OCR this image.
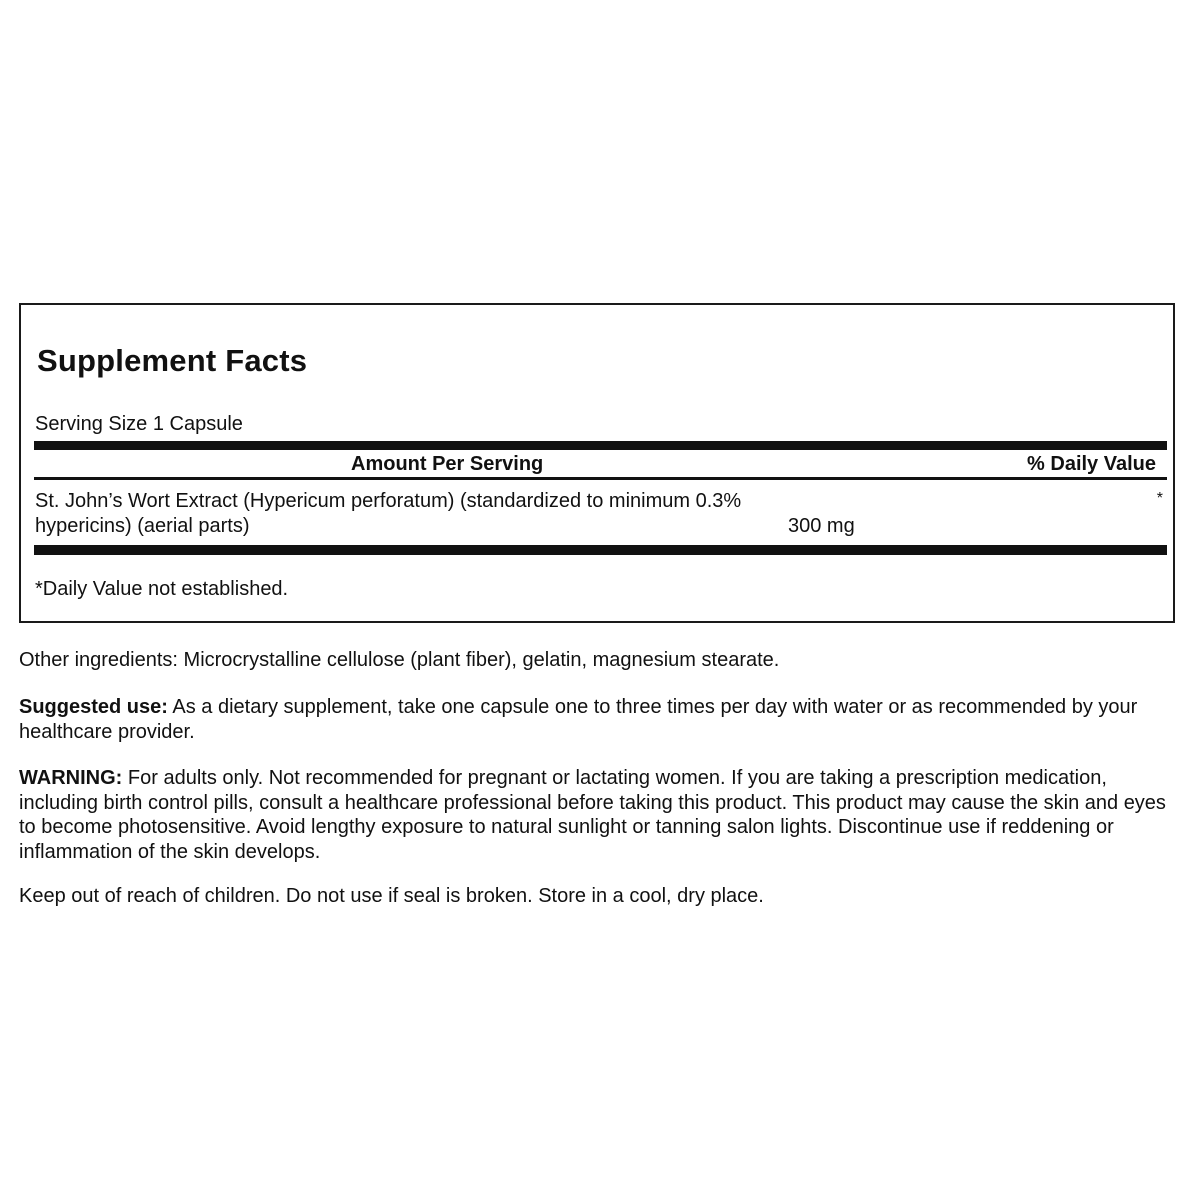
Supplement Facts
Serving Size 1 Capsule
Amount Per Serving	% Daily Value
St. John’s Wort Extract (Hypericum perforatum) (standardized to minimum 0.3% hypericins) (aerial parts)	300 mg
*
*Daily Value not established.
Other ingredients: Microcrystalline cellulose (plant fiber), gelatin, magnesium stearate.
Suggested use: As a dietary supplement, take one capsule one to three times per day with water or as recommended by your healthcare provider.
WARNING: For adults only. Not recommended for pregnant or lactating women. If you are taking a prescription medication, including birth control pills, consult a healthcare professional before taking this product. This product may cause the skin and eyes to become photosensitive. Avoid lengthy exposure to natural sunlight or tanning salon lights. Discontinue use if reddening or inflammation of the skin develops.
Keep out of reach of children. Do not use if seal is broken. Store in a cool, dry place.
